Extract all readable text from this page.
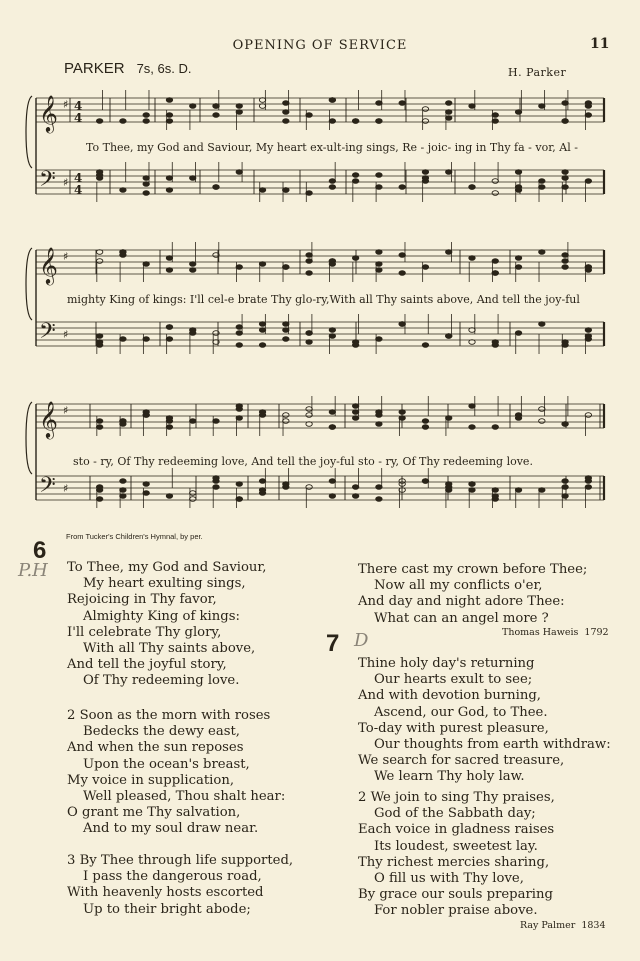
OPENING OF SERVICE	11
PARKER 7s, 6s. D.	H. Parker
𝄞
𝄢
♯
♯
4
4
4
4
To Thee, my God and Saviour, My heart ex-ult-ing sings, Re - joic- ing in Thy fa - vor, Al -
𝄞
𝄢
♯
♯
mighty King of kings: I'll cel-e brate Thy glo-ry,With all Thy saints above, And tell the joy-ful
𝄞
𝄢
♯
♯
sto - ry, Of Thy redeeming love, And tell the joy-ful sto - ry, Of Thy redeeming love.
From Tucker's Children's Hymnal, by per.
6
P.H To Thee, my God and Saviour,
My heart exulting sings,
Rejoicing in Thy favor,
Almighty King of kings:
I'll celebrate Thy glory,
With all Thy saints above,
And tell the joyful story,
Of Thy redeeming love.
2 Soon as the morn with roses
Bedecks the dewy east,
And when the sun reposes
Upon the ocean's breast,
My voice in supplication,
Well pleased, Thou shalt hear:
O grant me Thy salvation,
And to my soul draw near.
3 By Thee through life supported,
I pass the dangerous road,
With heavenly hosts escorted
Up to their bright abode;
There cast my crown before Thee;
Now all my conflicts o'er,
And day and night adore Thee:
What can an angel more ?
Thomas Haweis 1792
7 D
Thine holy day's returning
Our hearts exult to see;
And with devotion burning,
Ascend, our God, to Thee.
To-day with purest pleasure,
Our thoughts from earth withdraw:
We search for sacred treasure,
We learn Thy holy law.
2 We join to sing Thy praises,
God of the Sabbath day;
Each voice in gladness raises
Its loudest, sweetest lay.
Thy richest mercies sharing,
O fill us with Thy love,
By grace our souls preparing
For nobler praise above.
Ray Palmer 1834
